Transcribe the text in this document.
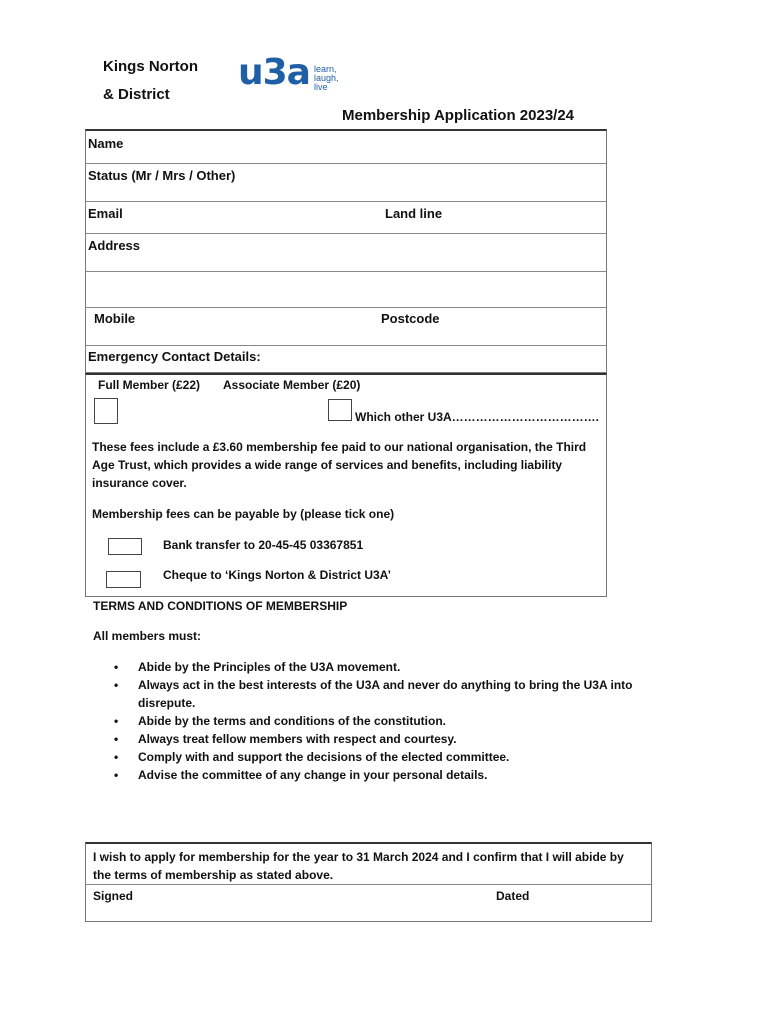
Kings Norton
& District
u3a learn,
laugh,
live
Membership Application 2023/24
Name
Status (Mr / Mrs / Other)
Email	Land line
Address
Mobile	Postcode
Emergency Contact Details:
Full Member (£22) Associate Member (£20)
Which other U3A……………………………….
These fees include a £3.60 membership fee paid to our national organisation, the Third Age Trust, which provides a wide range of services and benefits, including liability insurance cover.
Membership fees can be payable by (please tick one)
Bank transfer to 20-45-45 03367851
Cheque to ‘Kings Norton & District U3A’
TERMS AND CONDITIONS OF MEMBERSHIP
All members must:
• Abide by the Principles of the U3A movement.
• Always act in the best interests of the U3A and never do anything to bring the U3A into disrepute.
• Abide by the terms and conditions of the constitution.
• Always treat fellow members with respect and courtesy.
• Comply with and support the decisions of the elected committee.
• Advise the committee of any change in your personal details.
I wish to apply for membership for the year to 31 March 2024 and I confirm that I will abide by the terms of membership as stated above.
Signed	Dated
